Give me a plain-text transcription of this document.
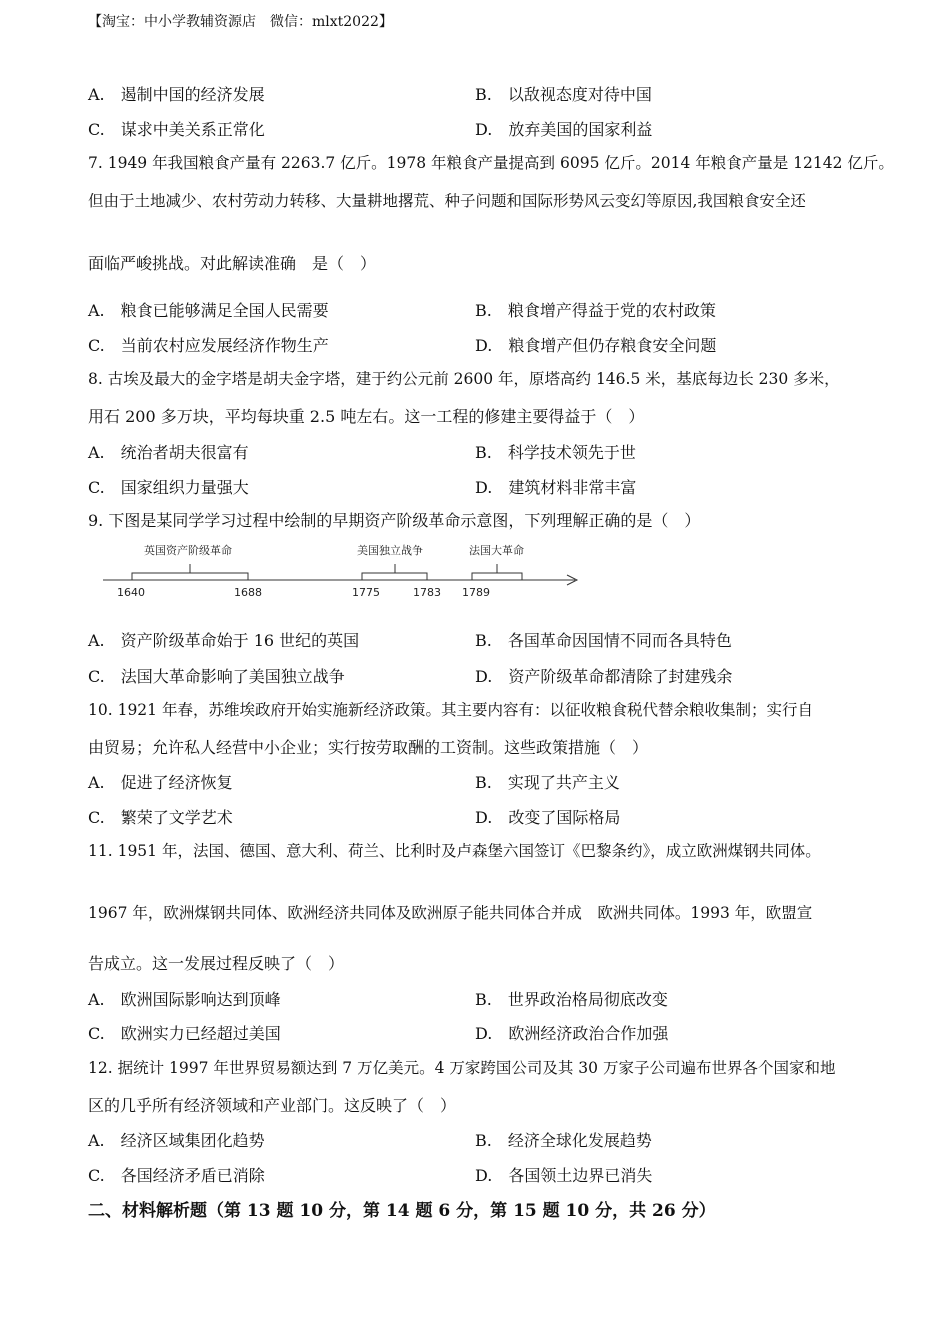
【淘宝：中小学教辅资源店　微信：mlxt2022】
A.　遏制中国的经济发展	B.　以敌视态度对待中国
C.　谋求中美关系正常化	D.　放弃美国的国家利益
7. 1949 年我国粮食产量有 2263.7 亿斤。1978 年粮食产量提高到 6095 亿斤。2014 年粮食产量是 12142 亿斤。
但由于土地减少、农村劳动力转移、大量耕地撂荒、种子问题和国际形势风云变幻等原因,我国粮食安全还
面临严峻挑战。对此解读准确　是（　）
A.　粮食已能够满足全国人民需要	B.　粮食增产得益于党的农村政策
C.　当前农村应发展经济作物生产	D.　粮食增产但仍存粮食安全问题
8. 古埃及最大的金字塔是胡夫金字塔，建于约公元前 2600 年，原塔高约 146.5 米，基底每边长 230 多米，
用石 200 多万块，平均每块重 2.5 吨左右。这一工程的修建主要得益于（　）
A.　统治者胡夫很富有	B.　科学技术领先于世
C.　国家组织力量强大	D.　建筑材料非常丰富
9. 下图是某同学学习过程中绘制的早期资产阶级革命示意图，下列理解正确的是（　）
英国资产阶级革命	美国独立战争	法国大革命
1640	1688	1775	1783 1789
A.　资产阶级革命始于 16 世纪的英国	B.　各国革命因国情不同而各具特色
C.　法国大革命影响了美国独立战争	D.　资产阶级革命都清除了封建残余
10. 1921 年春，苏维埃政府开始实施新经济政策。其主要内容有：以征收粮食税代替余粮收集制；实行自
由贸易；允许私人经营中小企业；实行按劳取酬的工资制。这些政策措施（　）
A.　促进了经济恢复	B.　实现了共产主义
C.　繁荣了文学艺术	D.　改变了国际格局
11. 1951 年，法国、德国、意大利、荷兰、比利时及卢森堡六国签订《巴黎条约》，成立欧洲煤钢共同体。
1967 年，欧洲煤钢共同体、欧洲经济共同体及欧洲原子能共同体合并成　欧洲共同体。1993 年，欧盟宣
告成立。这一发展过程反映了（　）
A.　欧洲国际影响达到顶峰	B.　世界政治格局彻底改变
C.　欧洲实力已经超过美国	D.　欧洲经济政治合作加强
12. 据统计 1997 年世界贸易额达到 7 万亿美元。4 万家跨国公司及其 30 万家子公司遍布世界各个国家和地
区的几乎所有经济领域和产业部门。这反映了（　）
A.　经济区域集团化趋势	B.　经济全球化发展趋势
C.　各国经济矛盾已消除	D.　各国领土边界已消失
二、材料解析题（第 13 题 10 分，第 14 题 6 分，第 15 题 10 分，共 26 分）
